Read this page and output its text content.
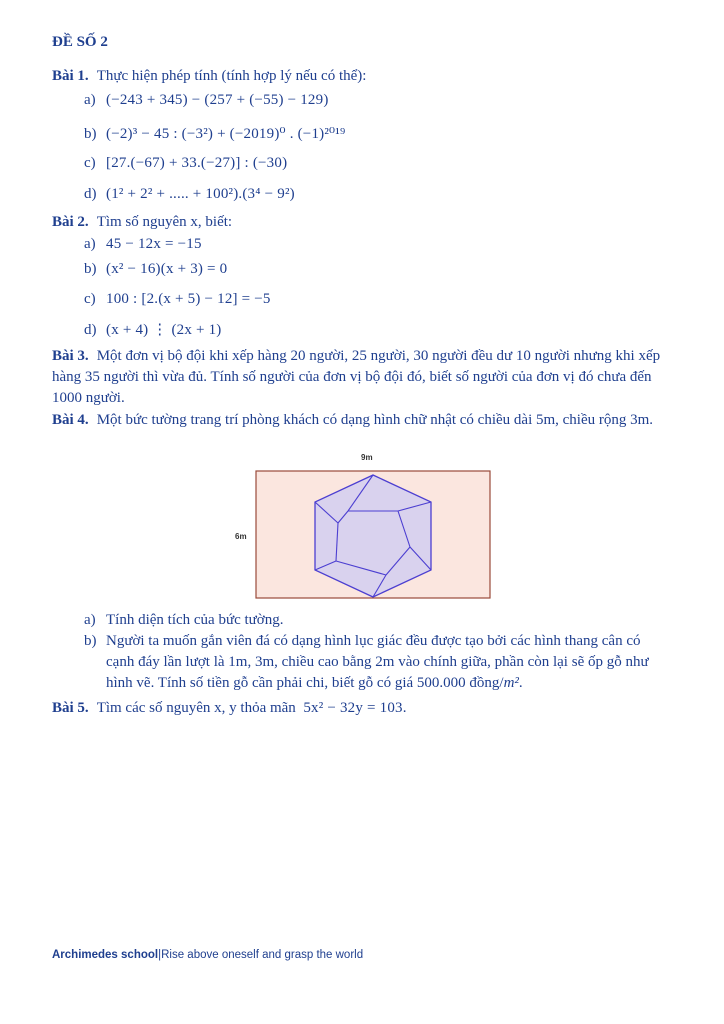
ĐỀ SỐ 2
Bài 1. Thực hiện phép tính (tính hợp lý nếu có thể):
a) (−243 + 345) − (257 + (−55) − 129)
b) (−2)³ − 45 : (−3²) + (−2019)⁰ . (−1)²⁰¹⁹
c) [27.(−67) + 33.(−27)] : (−30)
d) (1² + 2² + ..... + 100²).(3⁴ − 9²)
Bài 2. Tìm số nguyên x, biết:
a) 45 − 12x = −15
b) (x² − 16)(x + 3) = 0
c) 100 : [2.(x + 5) − 12] = −5
d) (x + 4) ⋮ (2x + 1)
Bài 3. Một đơn vị bộ đội khi xếp hàng 20 người, 25 người, 30 người đều dư 10 người nhưng khi xếp hàng 35 người thì vừa đủ. Tính số người của đơn vị bộ đội đó, biết số người của đơn vị đó chưa đến 1000 người.
Bài 4. Một bức tường trang trí phòng khách có dạng hình chữ nhật có chiều dài 5m, chiều rộng 3m.
9m
6m
a) Tính diện tích của bức tường.
b) Người ta muốn gắn viên đá có dạng hình lục giác đều được tạo bởi các hình thang cân có cạnh đáy lần lượt là 1m, 3m, chiều cao bằng 2m vào chính giữa, phần còn lại sẽ ốp gỗ như hình vẽ. Tính số tiền gỗ cần phải chi, biết gỗ có giá 500.000 đồng/m².
Bài 5. Tìm các số nguyên x, y thỏa mãn 5x² − 32y = 103.
Archimedes school|Rise above oneself and grasp the world
